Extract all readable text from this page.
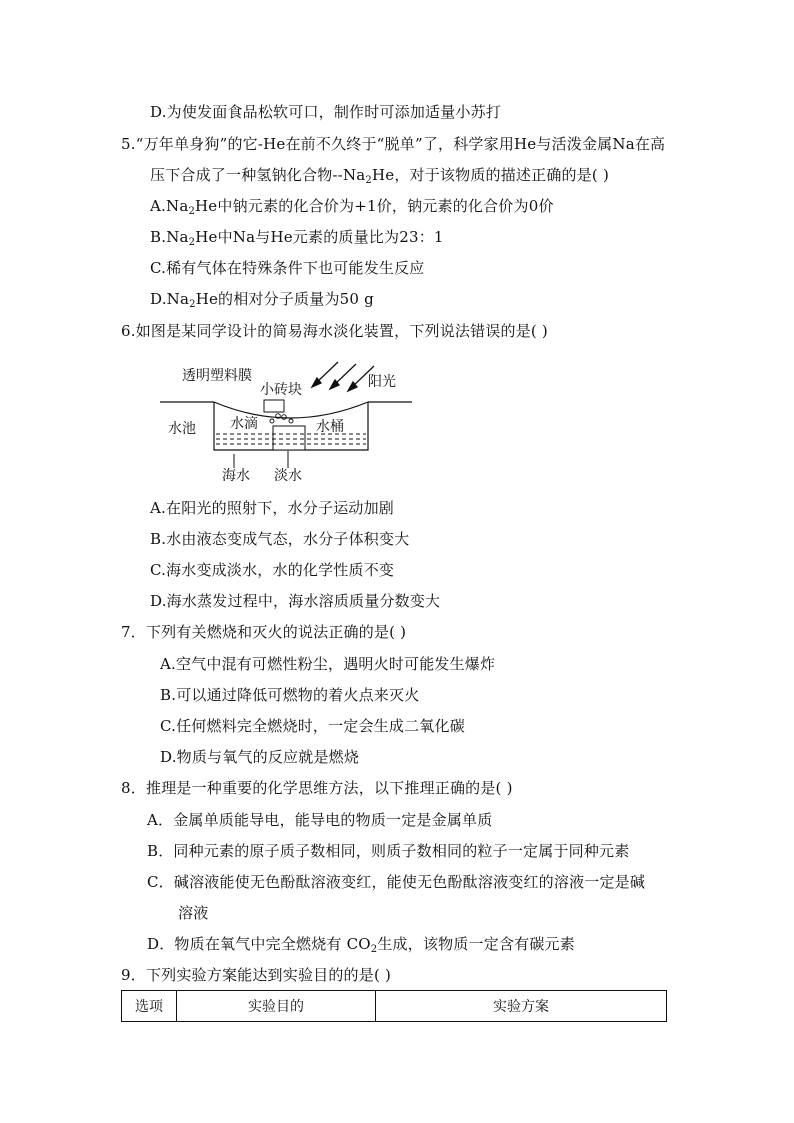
D.为使发面食品松软可口，制作时可添加适量小苏打
5.“万年单身狗”的它-He在前不久终于“脱单”了，科学家用He与活泼金属Na在高
压下合成了一种氢钠化合物$--Na_2He$，对于该物质的描述正确的是( )
$A.Na_2He$中钠元素的化合价为+1价，钠元素的化合价为0价
$B.Na_2He$中Na与He元素的质量比为23：1
C.稀有气体在特殊条件下也可能发生反应
$D.Na_2He$的相对分子质量为50 g
6.如图是某同学设计的简易海水淡化装置，下列说法错误的是( )
透明塑料膜
小砖块	阳光
水池 水滴	水桶
海水 淡水
A.在阳光的照射下，水分子运动加剧
B.水由液态变成气态，水分子体积变大
C.海水变成淡水，水的化学性质不变
D.海水蒸发过程中，海水溶质质量分数变大
7．下列有关燃烧和灭火的说法正确的是( )
A.空气中混有可燃性粉尘，遇明火时可能发生爆炸
B.可以通过降低可燃物的着火点来灭火
C.任何燃料完全燃烧时，一定会生成二氧化碳
D.物质与氧气的反应就是燃烧
8．推理是一种重要的化学思维方法，以下推理正确的是( )
A．金属单质能导电，能导电的物质一定是金属单质
B．同种元素的原子质子数相同，则质子数相同的粒子一定属于同种元素
C．碱溶液能使无色酚酞溶液变红，能使无色酚酞溶液变红的溶液一定是碱
溶液
D．物质在氧气中完全燃烧有 $CO_2$生成，该物质一定含有碳元素
9．下列实验方案能达到实验目的的是( )
选项	实验目的	实验方案
